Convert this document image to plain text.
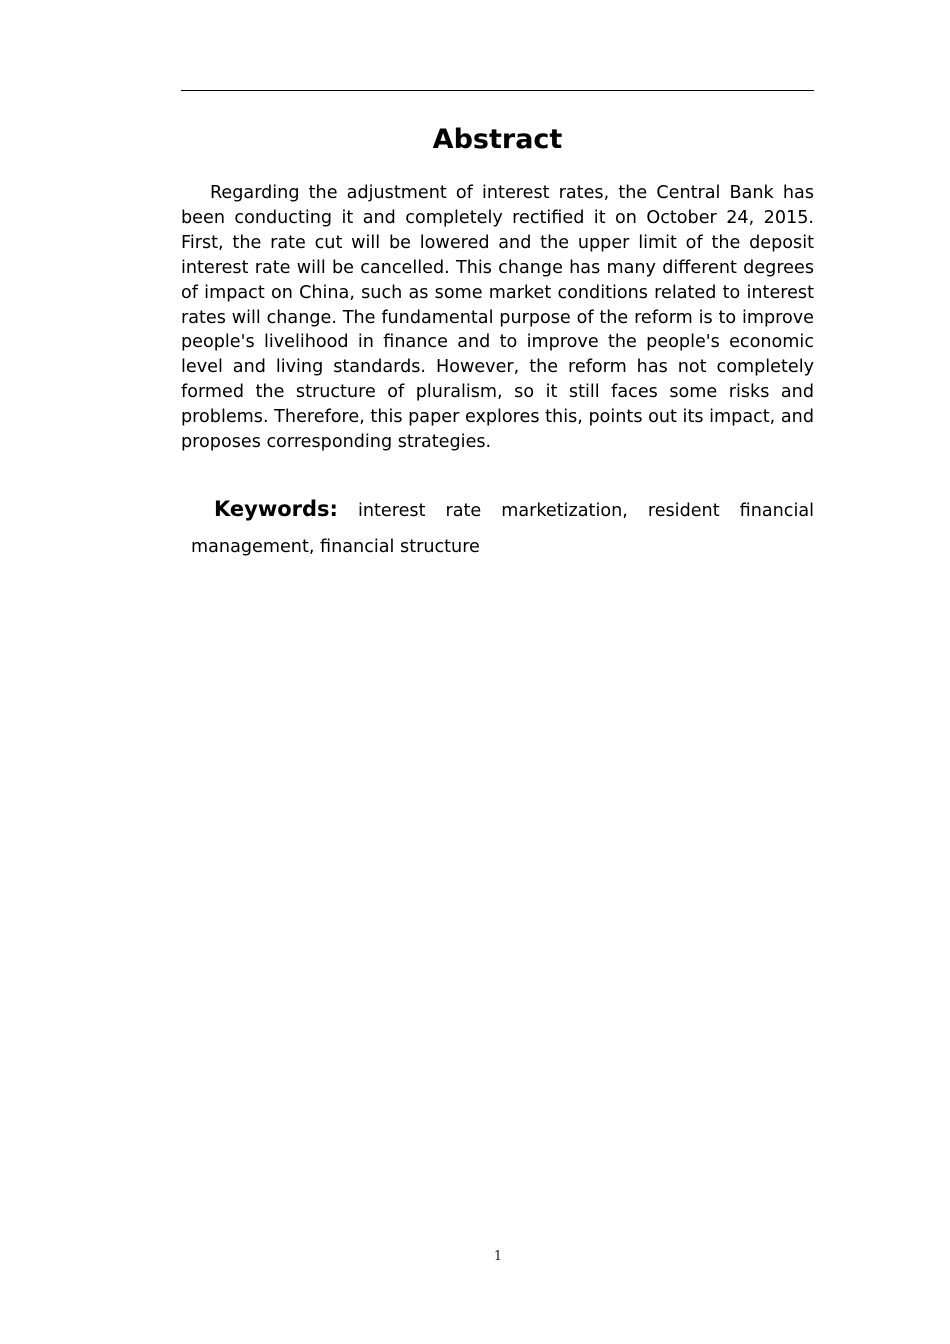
Abstract

Regarding the adjustment of interest rates, the Central Bank has been conducting it and completely rectified it on October 24, 2015. First, the rate cut will be lowered and the upper limit of the deposit interest rate will be cancelled. This change has many different degrees of impact on China, such as some market conditions related to interest rates will change. The fundamental purpose of the reform is to improve people's livelihood in finance and to improve the people's economic level and living standards. However, the reform has not completely formed the structure of pluralism, so it still faces some risks and problems. Therefore, this paper explores this, points out its impact, and proposes corresponding strategies.

Keywords: interest rate marketization, resident financial management, financial structure

1
